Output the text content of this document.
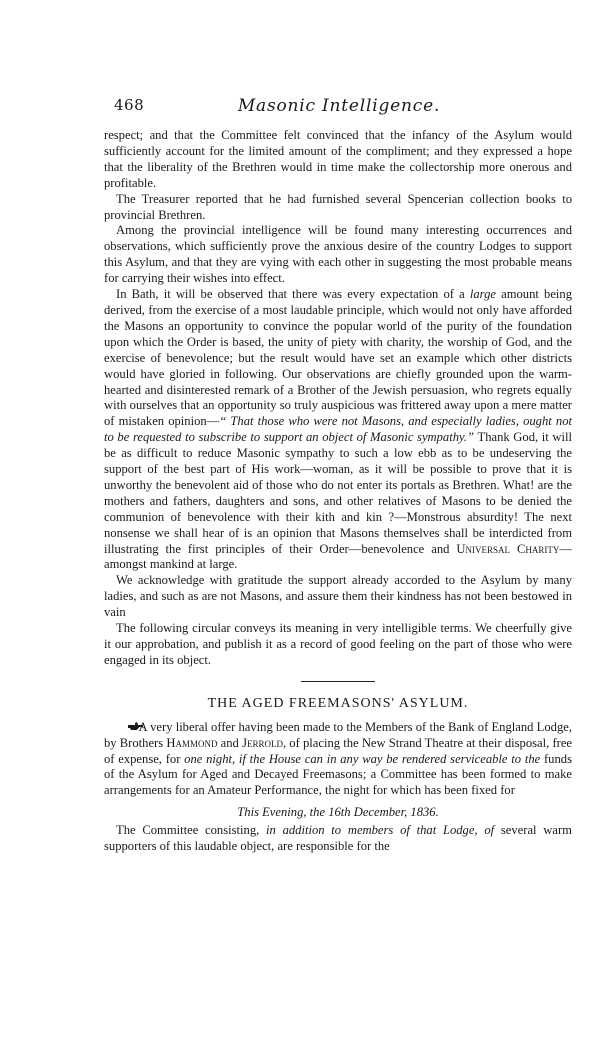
468	Masonic Intelligence.

respect; and that the Committee felt convinced that the infancy of the Asylum would sufficiently account for the limited amount of the compliment; and they expressed a hope that the liberality of the Brethren would in time make the collectorship more onerous and profitable.

The Treasurer reported that he had furnished several Spencerian collection books to provincial Brethren.

Among the provincial intelligence will be found many interesting occurrences and observations, which sufficiently prove the anxious desire of the country Lodges to support this Asylum, and that they are vying with each other in suggesting the most probable means for carrying their wishes into effect.

In Bath, it will be observed that there was every expectation of a large amount being derived, from the exercise of a most laudable principle, which would not only have afforded the Masons an opportunity to convince the popular world of the purity of the foundation upon which the Order is based, the unity of piety with charity, the worship of God, and the exercise of benevolence; but the result would have set an example which other districts would have gloried in following. Our observations are chiefly grounded upon the warm-hearted and disinterested remark of a Brother of the Jewish persuasion, who regrets equally with ourselves that an opportunity so truly auspicious was frittered away upon a mere matter of mistaken opinion—“ That those who were not Masons, and especially ladies, ought not to be requested to subscribe to support an object of Masonic sympathy.” Thank God, it will be as difficult to reduce Masonic sympathy to such a low ebb as to be undeserving the support of the best part of His work—woman, as it will be possible to prove that it is unworthy the benevolent aid of those who do not enter its portals as Brethren. What! are the mothers and fathers, daughters and sons, and other relatives of Masons to be denied the communion of benevolence with their kith and kin ?—Monstrous absurdity! The next nonsense we shall hear of is an opinion that Masons themselves shall be interdicted from illustrating the first principles of their Order—benevolence and Universal Charity—amongst mankind at large.

We acknowledge with gratitude the support already accorded to the Asylum by many ladies, and such as are not Masons, and assure them their kindness has not been bestowed in vain

The following circular conveys its meaning in very intelligible terms. We cheerfully give it our approbation, and publish it as a record of good feeling on the part of those who were engaged in its object.

THE AGED FREEMASONS' ASYLUM.

A very liberal offer having been made to the Members of the Bank of England Lodge, by Brothers Hammond and Jerrold, of placing the New Strand Theatre at their disposal, free of expense, for one night, if the House can in any way be rendered serviceable to the funds of the Asylum for Aged and Decayed Freemasons; a Committee has been formed to make arrangements for an Amateur Performance, the night for which has been fixed for

This Evening, the 16th December, 1836.

The Committee consisting, in addition to members of that Lodge, of several warm supporters of this laudable object, are responsible for the
